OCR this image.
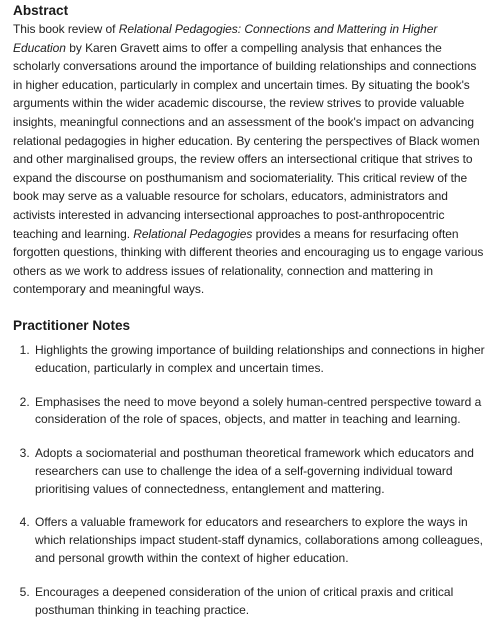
Abstract

This book review of Relational Pedagogies: Connections and Mattering in Higher Education by Karen Gravett aims to offer a compelling analysis that enhances the scholarly conversations around the importance of building relationships and connections in higher education, particularly in complex and uncertain times. By situating the book's arguments within the wider academic discourse, the review strives to provide valuable insights, meaningful connections and an assessment of the book's impact on advancing relational pedagogies in higher education. By centering the perspectives of Black women and other marginalised groups, the review offers an intersectional critique that strives to expand the discourse on posthumanism and sociomateriality. This critical review of the book may serve as a valuable resource for scholars, educators, administrators and activists interested in advancing intersectional approaches to post-anthropocentric teaching and learning. Relational Pedagogies provides a means for resurfacing often forgotten questions, thinking with different theories and encouraging us to engage various others as we work to address issues of relationality, connection and mattering in contemporary and meaningful ways.

Practitioner Notes
1. Highlights the growing importance of building relationships and connections in higher education, particularly in complex and uncertain times.
2. Emphasises the need to move beyond a solely human-centred perspective toward a consideration of the role of spaces, objects, and matter in teaching and learning.
3. Adopts a sociomaterial and posthuman theoretical framework which educators and researchers can use to challenge the idea of a self-governing individual toward prioritising values of connectedness, entanglement and mattering.
4. Offers a valuable framework for educators and researchers to explore the ways in which relationships impact student-staff dynamics, collaborations among colleagues, and personal growth within the context of higher education.
5. Encourages a deepened consideration of the union of critical praxis and critical posthuman thinking in teaching practice.
